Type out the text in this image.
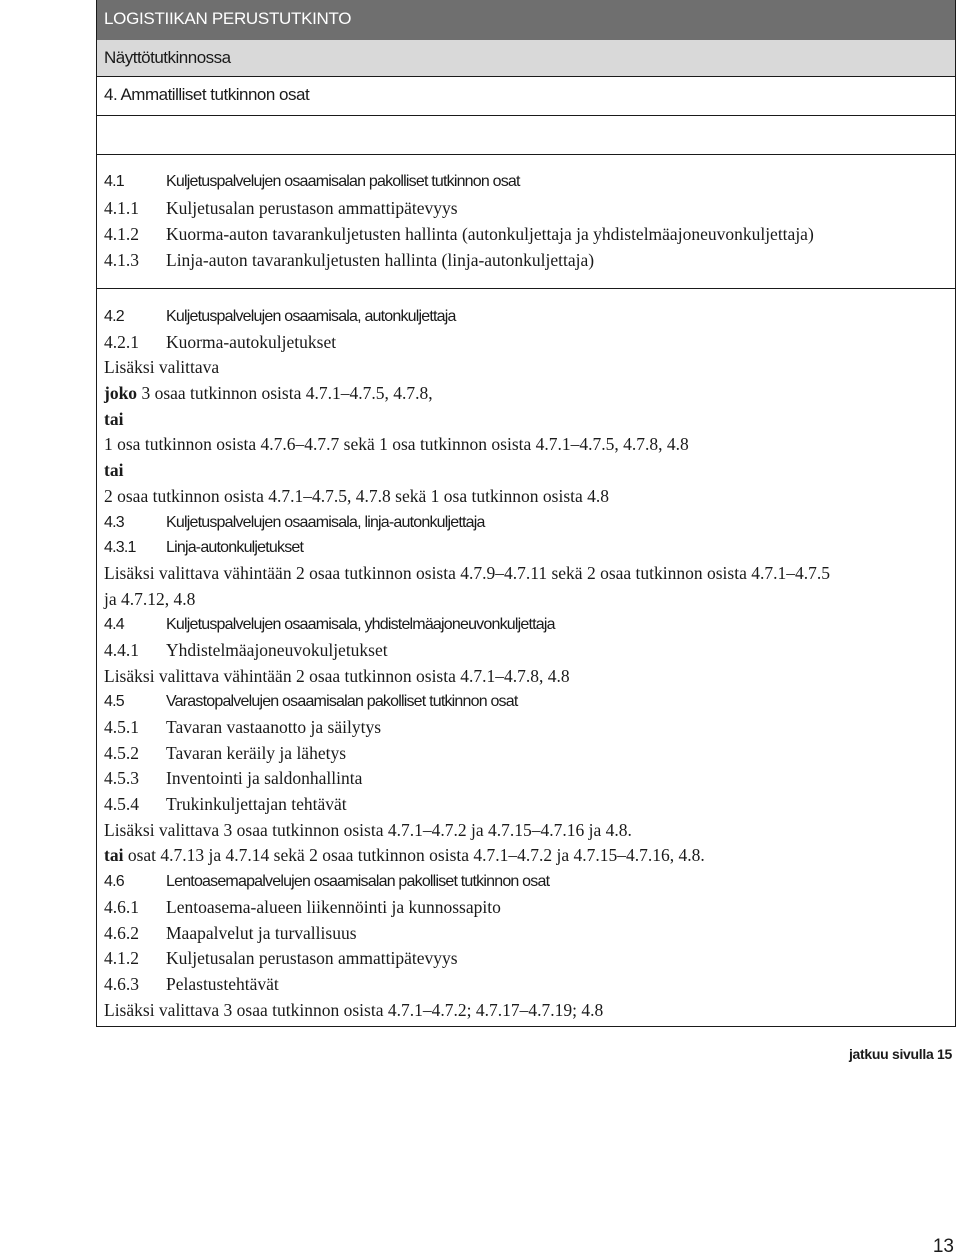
LOGISTIIKAN PERUSTUTKINTO
Näyttötutkinnossa
4. Ammatilliset tutkinnon osat
4.1	Kuljetuspalvelujen osaamisalan pakolliset tutkinnon osat
4.1.1	Kuljetusalan perustason ammattipätevyys
4.1.2	Kuorma-auton tavarankuljetusten hallinta (autonkuljettaja ja yhdistelmäajoneuvonkuljettaja)
4.1.3	Linja-auton tavarankuljetusten hallinta (linja-autonkuljettaja)
4.2	Kuljetuspalvelujen osaamisala, autonkuljettaja
4.2.1	Kuorma-autokuljetukset
Lisäksi valittava
joko
3 osaa tutkinnon osista 4.7.1–4.7.5, 4.7.8,
tai
1 osa tutkinnon osista 4.7.6–4.7.7 sekä 1 osa tutkinnon osista 4.7.1–4.7.5, 4.7.8, 4.8
tai
2 osaa tutkinnon osista 4.7.1–4.7.5, 4.7.8 sekä 1 osa tutkinnon osista 4.8
4.3	Kuljetuspalvelujen osaamisala, linja-autonkuljettaja
4.3.1	Linja-autonkuljetukset
Lisäksi valittava vähintään 2 osaa tutkinnon osista 4.7.9–4.7.11 sekä 2 osaa tutkinnon osista 4.7.1–4.7.5
ja 4.7.12, 4.8
4.4	Kuljetuspalvelujen osaamisala, yhdistelmäajoneuvonkuljettaja
4.4.1	Yhdistelmäajoneuvokuljetukset
Lisäksi valittava vähintään 2 osaa tutkinnon osista 4.7.1–4.7.8, 4.8
4.5	Varastopalvelujen osaamisalan pakolliset tutkinnon osat
4.5.1	Tavaran vastaanotto ja säilytys
4.5.2	Tavaran keräily ja lähetys
4.5.3	Inventointi ja saldonhallinta
4.5.4	Trukinkuljettajan tehtävät
Lisäksi valittava 3 osaa tutkinnon osista 4.7.1–4.7.2 ja 4.7.15–4.7.16 ja 4.8.
tai osat 4.7.13 ja 4.7.14 sekä 2 osaa tutkinnon osista 4.7.1–4.7.2 ja 4.7.15–4.7.16, 4.8.
4.6	Lentoasemapalvelujen osaamisalan pakolliset tutkinnon osat
4.6.1	Lentoasema-alueen liikennöinti ja kunnossapito
4.6.2	Maapalvelut ja turvallisuus
4.1.2	Kuljetusalan perustason ammattipätevyys
4.6.3	Pelastustehtävät
Lisäksi valittava 3 osaa tutkinnon osista 4.7.1–4.7.2; 4.7.17–4.7.19; 4.8
jatkuu sivulla 15
13
